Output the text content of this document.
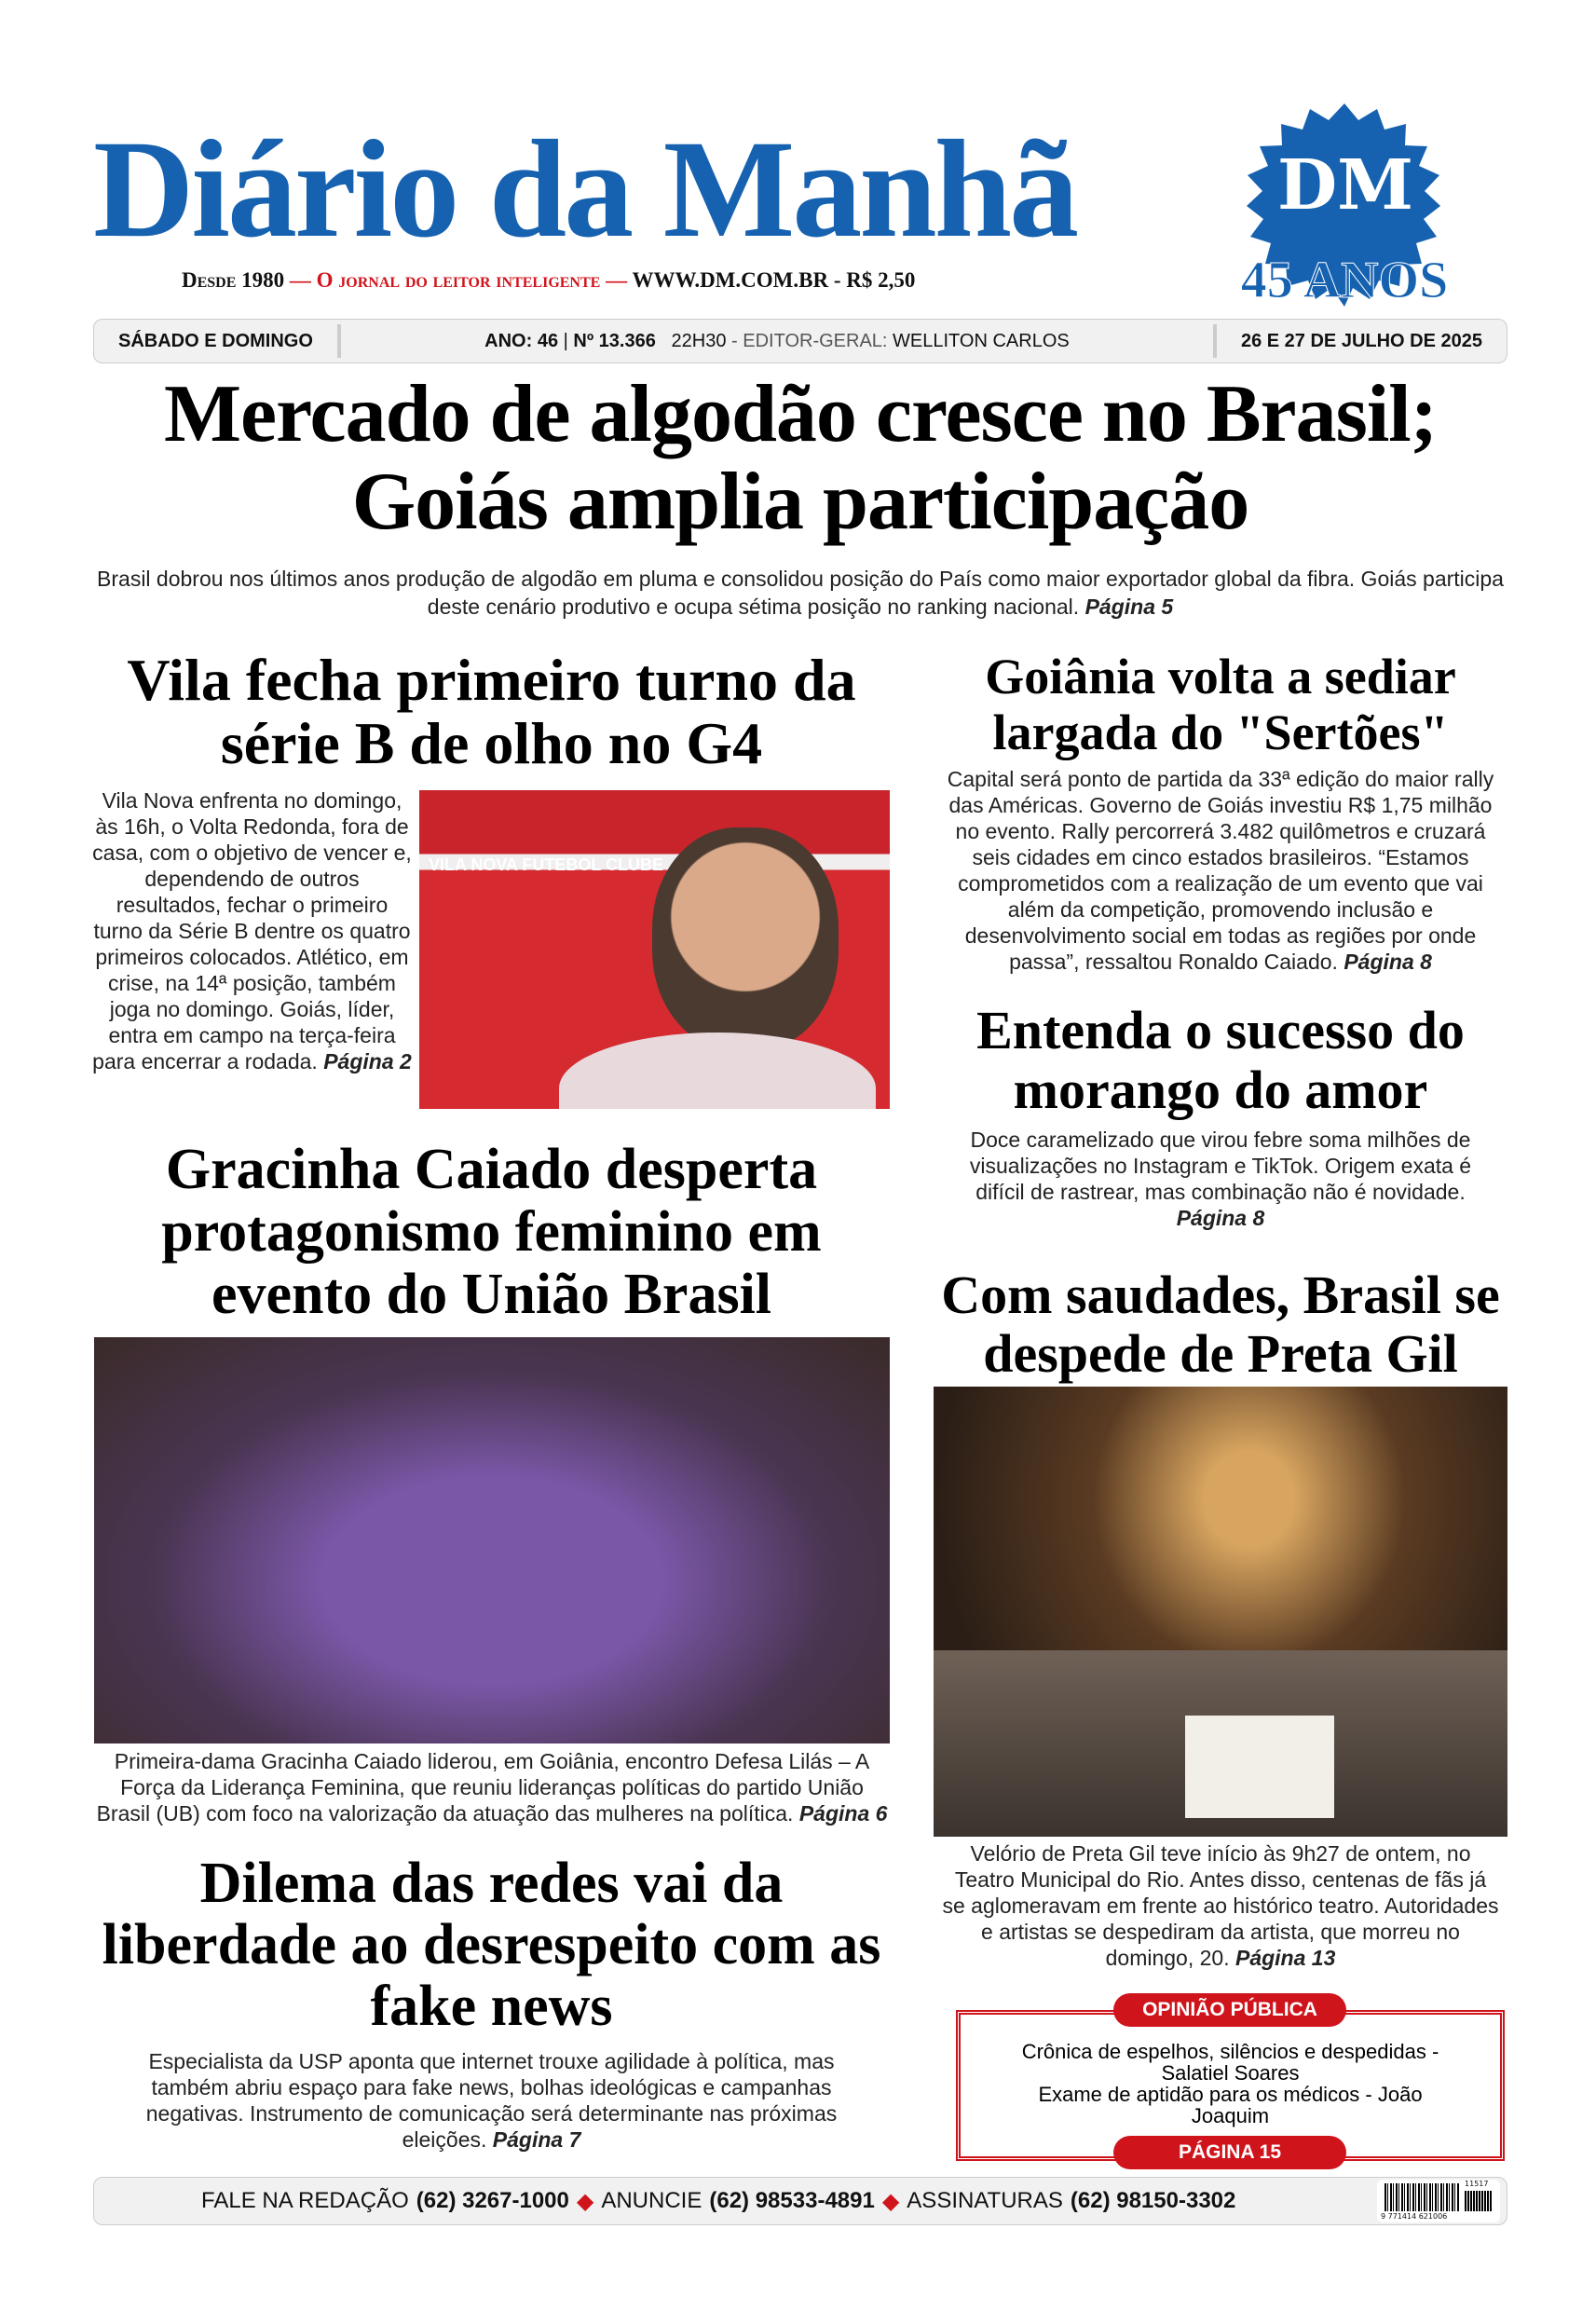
Diário da Manhã	DM
45 ANOS
Desde 1980 — O jornal do leitor inteligente — WWW.DM.COM.BR - R$ 2,50
SÁBADO E DOMINGO	ANO: 46 | Nº 13.366 22H30 - EDITOR-GERAL: WELLITON CARLOS	26 E 27 DE JULHO DE 2025
Mercado de algodão cresce no Brasil; Goiás amplia participação
Brasil dobrou nos últimos anos produção de algodão em pluma e consolidou posição do País como maior exportador global da fibra. Goiás participa deste cenário produtivo e ocupa sétima posição no ranking nacional. Página 5
Vila fecha primeiro turno da série B de olho no G4
Vila Nova enfrenta no domingo, às 16h, o Volta Redonda, fora de casa, com o objetivo de vencer e, dependendo de outros resultados, fechar o primeiro turno da Série B dentre os quatro primeiros colocados. Atlético, em crise, na 14ª posição, também joga no domingo. Goiás, líder, entra em campo na terça-feira para encerrar a rodada. Página 2
VILA NOVA FUTEBOL CLUBE
Gracinha Caiado desperta protagonismo feminino em evento do União Brasil
Primeira-dama Gracinha Caiado liderou, em Goiânia, encontro Defesa Lilás – A Força da Liderança Feminina, que reuniu lideranças políticas do partido União Brasil (UB) com foco na valorização da atuação das mulheres na política. Página 6
Dilema das redes vai da liberdade ao desrespeito com as fake news
Especialista da USP aponta que internet trouxe agilidade à política, mas também abriu espaço para fake news, bolhas ideológicas e campanhas negativas. Instrumento de comunicação será determinante nas próximas eleições. Página 7
Goiânia volta a sediar largada do "Sertões"
Capital será ponto de partida da 33ª edição do maior rally das Américas. Governo de Goiás investiu R$ 1,75 milhão no evento. Rally percorrerá 3.482 quilômetros e cruzará seis cidades em cinco estados brasileiros. “Estamos comprometidos com a realização de um evento que vai além da competição, promovendo inclusão e desenvolvimento social em todas as regiões por onde passa”, ressaltou Ronaldo Caiado. Página 8
Entenda o sucesso do morango do amor
Doce caramelizado que virou febre soma milhões de visualizações no Instagram e TikTok. Origem exata é difícil de rastrear, mas combinação não é novidade.
Página 8
Com saudades, Brasil se despede de Preta Gil
Velório de Preta Gil teve início às 9h27 de ontem, no Teatro Municipal do Rio. Antes disso, centenas de fãs já se aglomeravam em frente ao histórico teatro. Autoridades e artistas se despediram da artista, que morreu no domingo, 20. Página 13
Crônica de espelhos, silêncios e despedidas - Salatiel Soares
Exame de aptidão para os médicos - João Joaquim
OPINIÃO PÚBLICA
PÁGINA 15
FALE NA REDAÇÃO (62) 3267-1000 ◆ ANUNCIE (62) 98533-4891 ◆ ASSINATURAS (62) 98150-3302
11517
9 771414 621006
